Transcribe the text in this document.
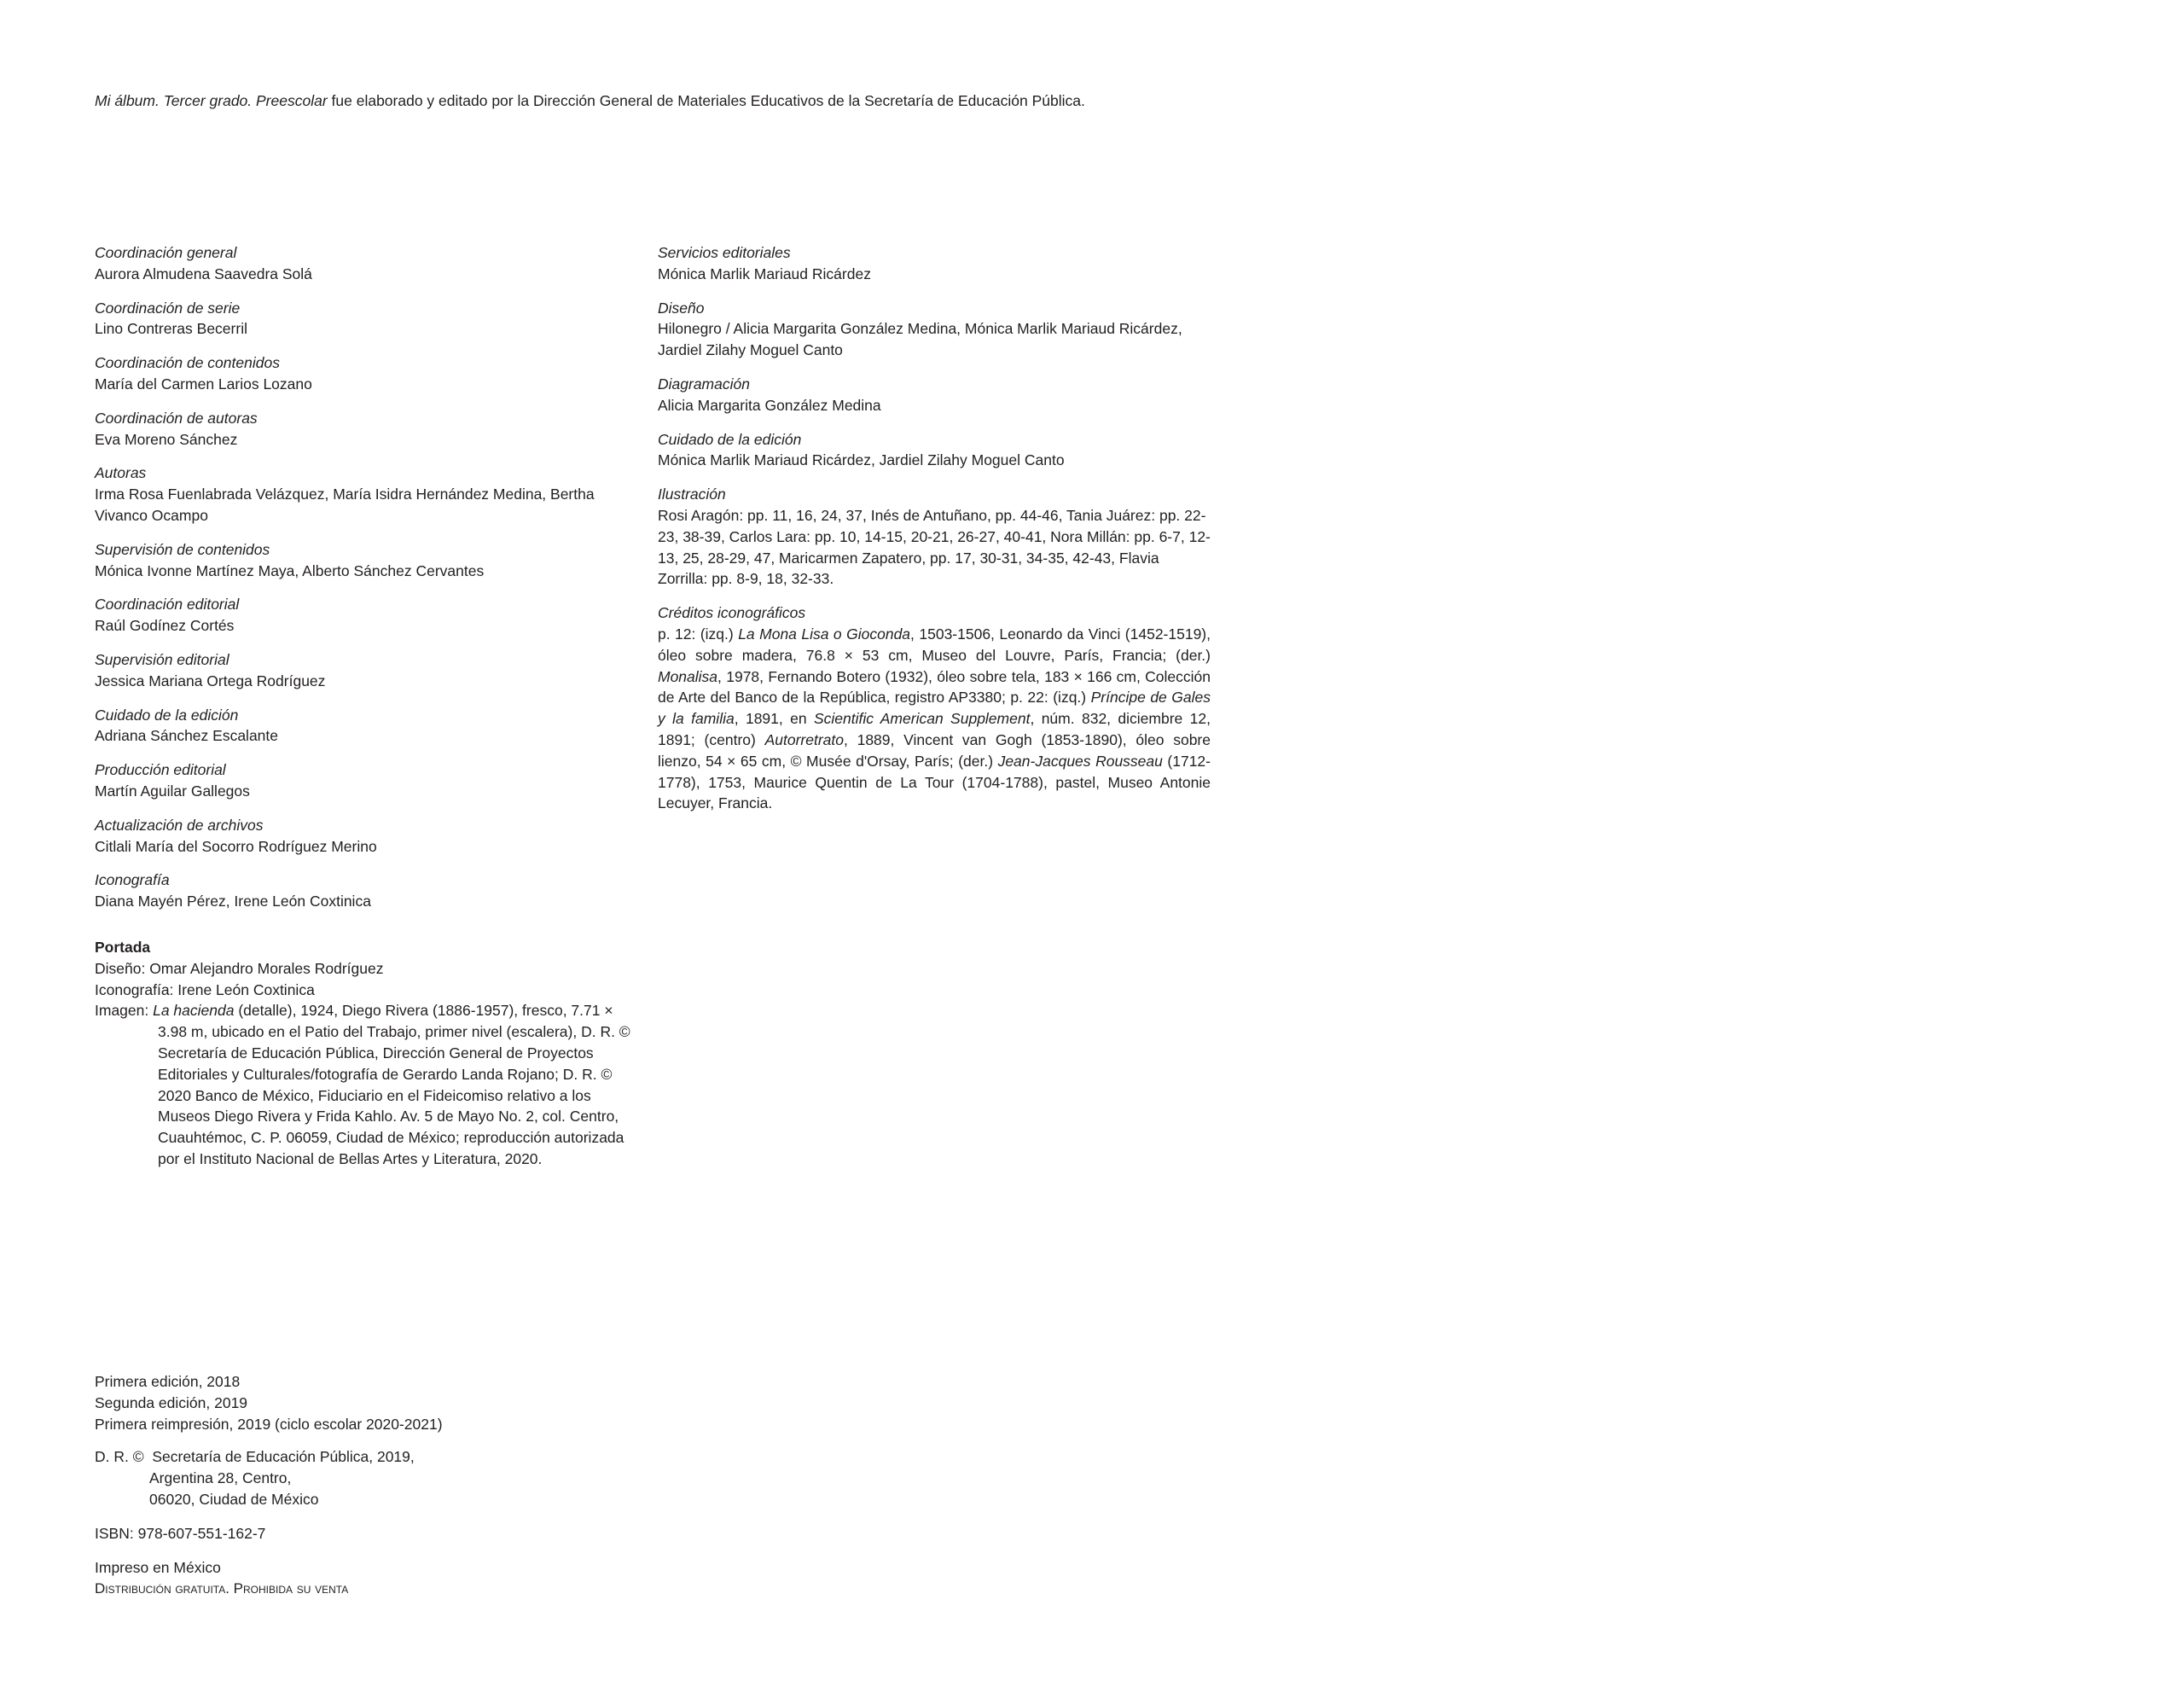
Mi álbum. Tercer grado. Preescolar fue elaborado y editado por la Dirección General de Materiales Educativos de la Secretaría de Educación Pública.
Coordinación general
Aurora Almudena Saavedra Solá
Coordinación de serie
Lino Contreras Becerril
Coordinación de contenidos
María del Carmen Larios Lozano
Coordinación de autoras
Eva Moreno Sánchez
Autoras
Irma Rosa Fuenlabrada Velázquez, María Isidra Hernández Medina, Bertha Vivanco Ocampo
Supervisión de contenidos
Mónica Ivonne Martínez Maya, Alberto Sánchez Cervantes
Coordinación editorial
Raúl Godínez Cortés
Supervisión editorial
Jessica Mariana Ortega Rodríguez
Cuidado de la edición
Adriana Sánchez Escalante
Producción editorial
Martín Aguilar Gallegos
Actualización de archivos
Citlali María del Socorro Rodríguez Merino
Iconografía
Diana Mayén Pérez, Irene León Coxtinica
Servicios editoriales
Mónica Marlik Mariaud Ricárdez
Diseño
Hilonegro / Alicia Margarita González Medina, Mónica Marlik Mariaud Ricárdez, Jardiel Zilahy Moguel Canto
Diagramación
Alicia Margarita González Medina
Cuidado de la edición
Mónica Marlik Mariaud Ricárdez, Jardiel Zilahy Moguel Canto
Ilustración
Rosi Aragón: pp. 11, 16, 24, 37, Inés de Antuñano, pp. 44-46, Tania Juárez: pp. 22-23, 38-39, Carlos Lara: pp. 10, 14-15, 20-21, 26-27, 40-41, Nora Millán: pp. 6-7, 12-13, 25, 28-29, 47, Maricarmen Zapatero, pp. 17, 30-31, 34-35, 42-43, Flavia Zorrilla: pp. 8-9, 18, 32-33.
Créditos iconográficos
p. 12: (izq.) La Mona Lisa o Gioconda, 1503-1506, Leonardo da Vinci (1452-1519), óleo sobre madera, 76.8 × 53 cm, Museo del Louvre, París, Francia; (der.) Monalisa, 1978, Fernando Botero (1932), óleo sobre tela, 183 × 166 cm, Colección de Arte del Banco de la República, registro AP3380; p. 22: (izq.) Príncipe de Gales y la familia, 1891, en Scientific American Supplement, núm. 832, diciembre 12, 1891; (centro) Autorretrato, 1889, Vincent van Gogh (1853-1890), óleo sobre lienzo, 54 × 65 cm, © Musée d'Orsay, París; (der.) Jean-Jacques Rousseau (1712-1778), 1753, Maurice Quentin de La Tour (1704-1788), pastel, Museo Antonie Lecuyer, Francia.
Portada
Diseño: Omar Alejandro Morales Rodríguez
Iconografía: Irene León Coxtinica
Imagen: La hacienda (detalle), 1924, Diego Rivera (1886-1957), fresco, 7.71 × 3.98 m, ubicado en el Patio del Trabajo, primer nivel (escalera), D. R. © Secretaría de Educación Pública, Dirección General de Proyectos Editoriales y Culturales/fotografía de Gerardo Landa Rojano; D. R. © 2020 Banco de México, Fiduciario en el Fideicomiso relativo a los Museos Diego Rivera y Frida Kahlo. Av. 5 de Mayo No. 2, col. Centro, Cuauhtémoc, C. P. 06059, Ciudad de México; reproducción autorizada por el Instituto Nacional de Bellas Artes y Literatura, 2020.
Primera edición, 2018
Segunda edición, 2019
Primera reimpresión, 2019 (ciclo escolar 2020-2021)
D. R. ©  Secretaría de Educación Pública, 2019,
Argentina 28, Centro,
06020, Ciudad de México
ISBN: 978-607-551-162-7
Impreso en México
Distribución gratuita. Prohibida su venta
